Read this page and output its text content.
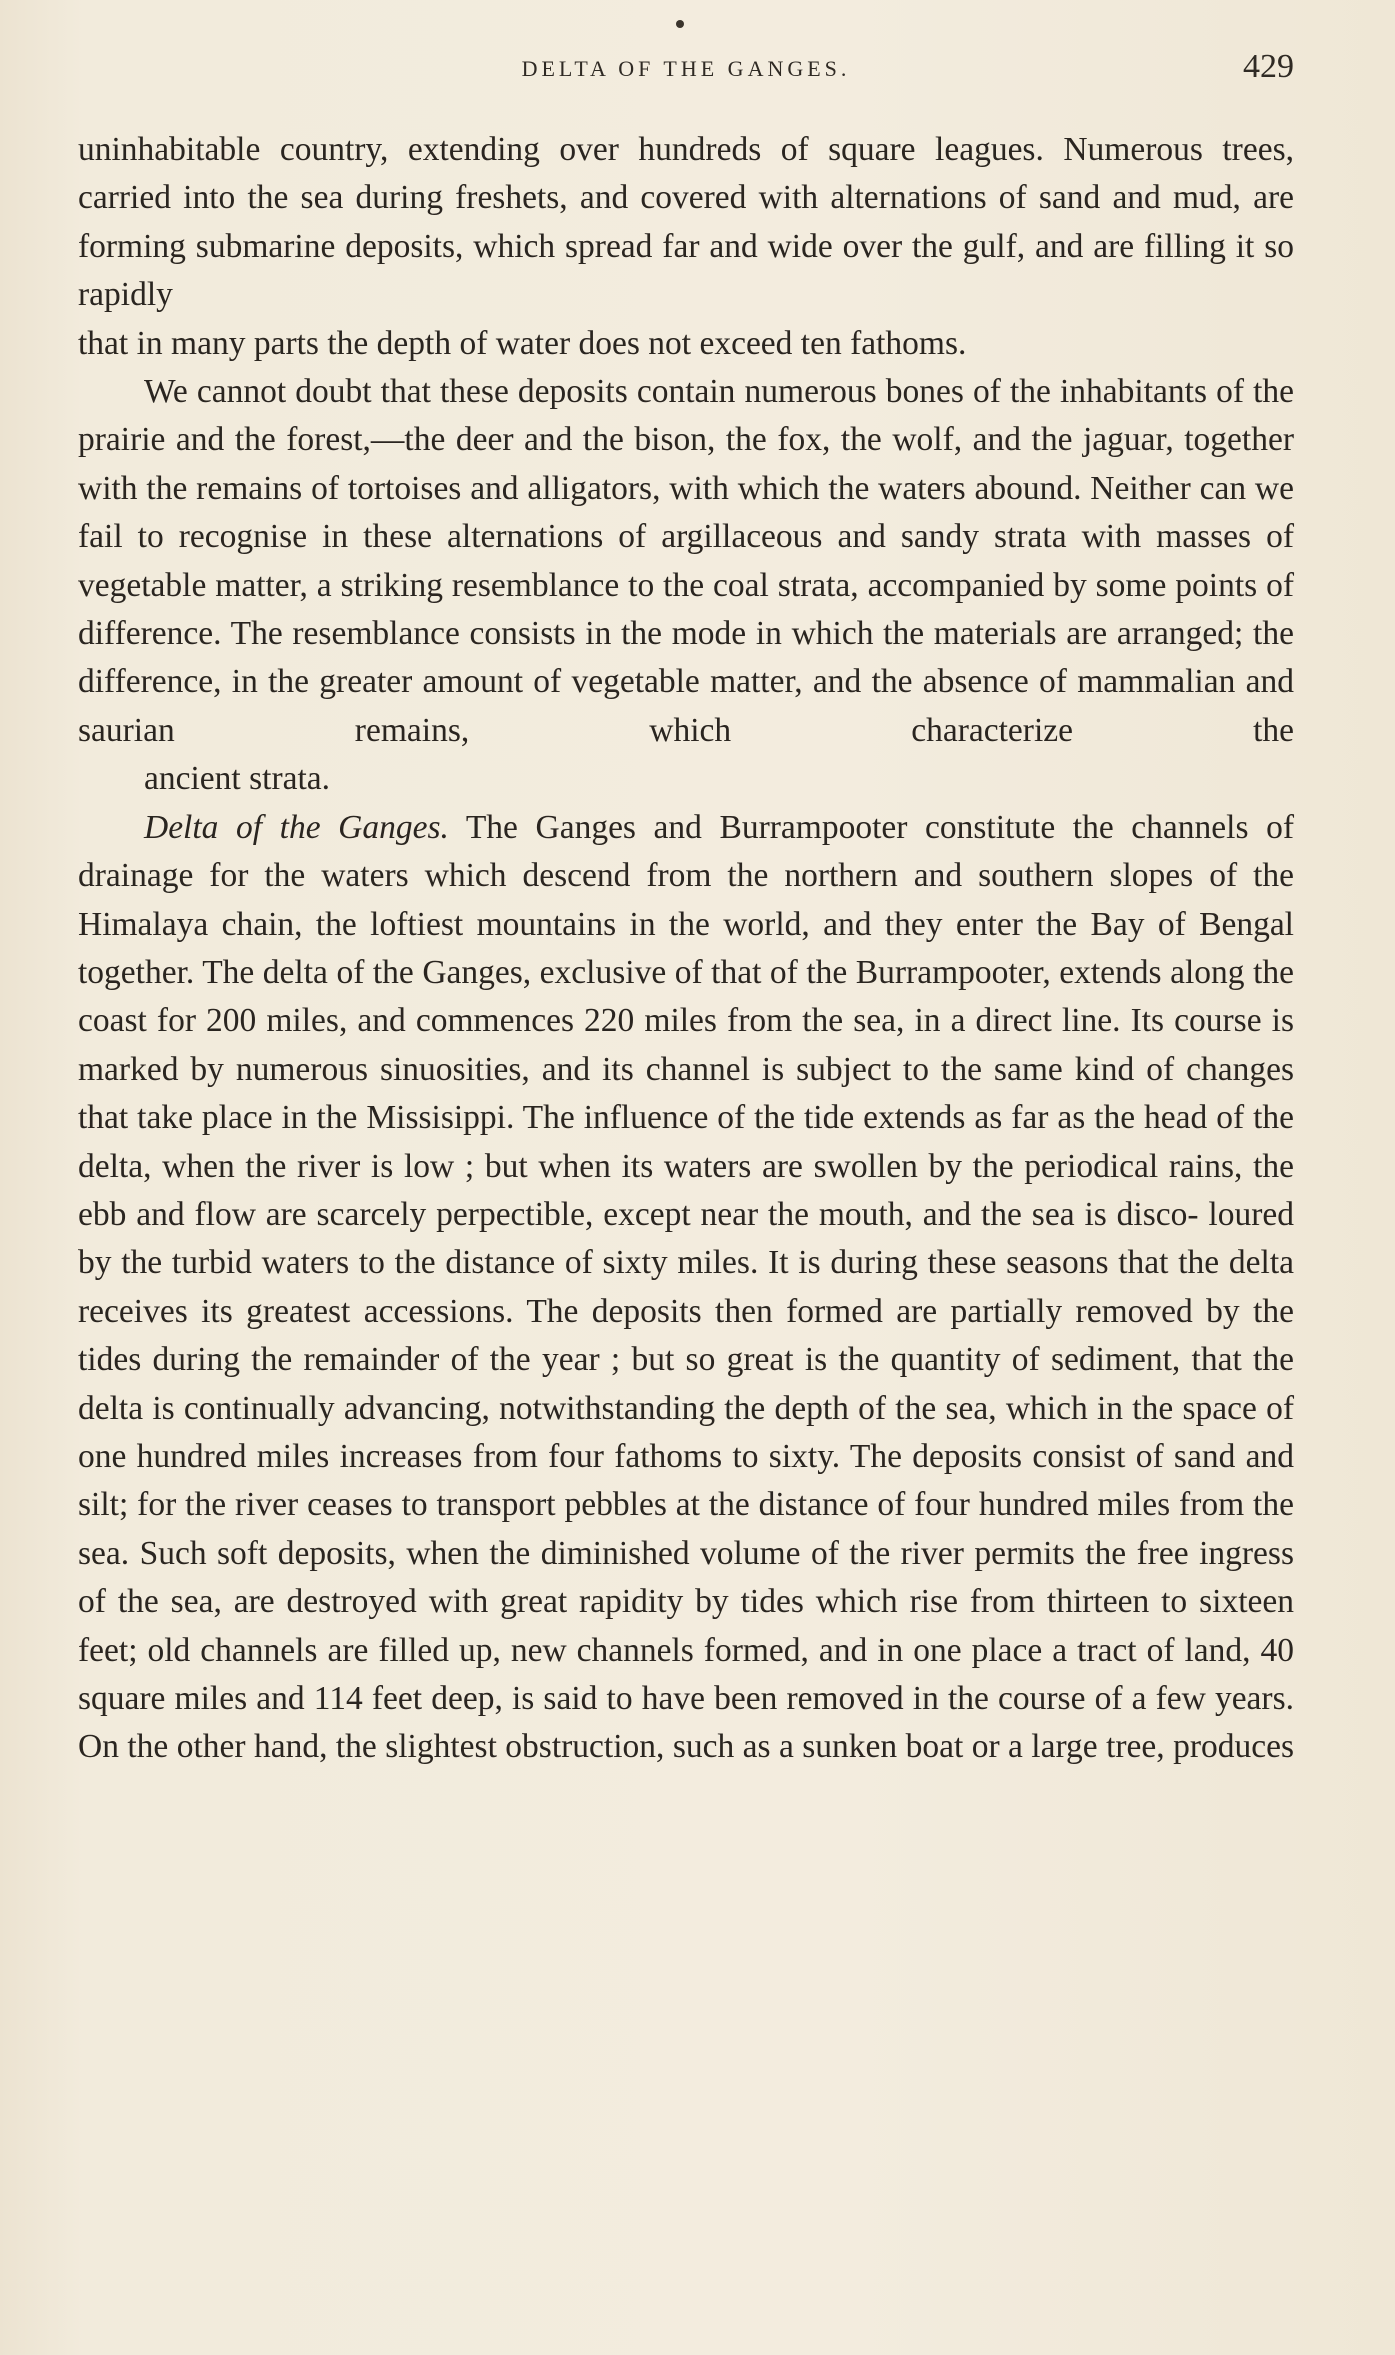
DELTA OF THE GANGES.	429

uninhabitable country, extending over hundreds of square leagues. Numerous trees, carried into the sea during freshets, and covered with alternations of sand and mud, are forming submarine deposits, which spread far and wide over the gulf, and are filling it so rapidly
that in many parts the depth of water does not exceed ten fathoms.

We cannot doubt that these deposits contain numerous bones of the inhabitants of the prairie and the forest,—the deer and the bison, the fox, the wolf, and the jaguar, together with the remains of tortoises and alligators, with which the waters abound. Neither can we fail to recognise in these alternations of argillaceous and sandy strata with masses of vegetable matter, a striking resemblance to the coal strata, accompanied by some points of difference. The resemblance consists in the mode in which the materials are arranged; the difference, in the greater amount of vegetable matter, and the absence of mammalian and saurian remains, which characterize the
ancient strata.

Delta of the Ganges. The Ganges and Burrampooter constitute the channels of drainage for the waters which descend from the northern and southern slopes of the Himalaya chain, the loftiest mountains in the world, and they enter the Bay of Bengal together. The delta of the Ganges, exclusive of that of the Burrampooter, extends along the coast for 200 miles, and commences 220 miles from the sea, in a direct line. Its course is marked by numerous sinuosities, and its channel is subject to the same kind of changes that take place in the Missisippi. The influence of the tide extends as far as the head of the delta, when the river is low ; but when its waters are swollen by the periodical rains, the ebb and flow are scarcely perpectible, except near the mouth, and the sea is disco- loured by the turbid waters to the distance of sixty miles. It is during these seasons that the delta receives its greatest accessions. The deposits then formed are partially removed by the tides during the remainder of the year ; but so great is the quantity of sediment, that the delta is continually advancing, notwithstanding the depth of the sea, which in the space of one hundred miles increases from four fathoms to sixty. The deposits consist of sand and silt; for the river ceases to transport pebbles at the distance of four hundred miles from the sea. Such soft deposits, when the diminished volume of the river permits the free ingress of the sea, are destroyed with great rapidity by tides which rise from thirteen to sixteen feet; old channels are filled up, new channels formed, and in one place a tract of land, 40 square miles and 114 feet deep, is said to have been removed in the course of a few years. On the other hand, the slightest obstruction, such as a sunken boat or a large tree, produces
